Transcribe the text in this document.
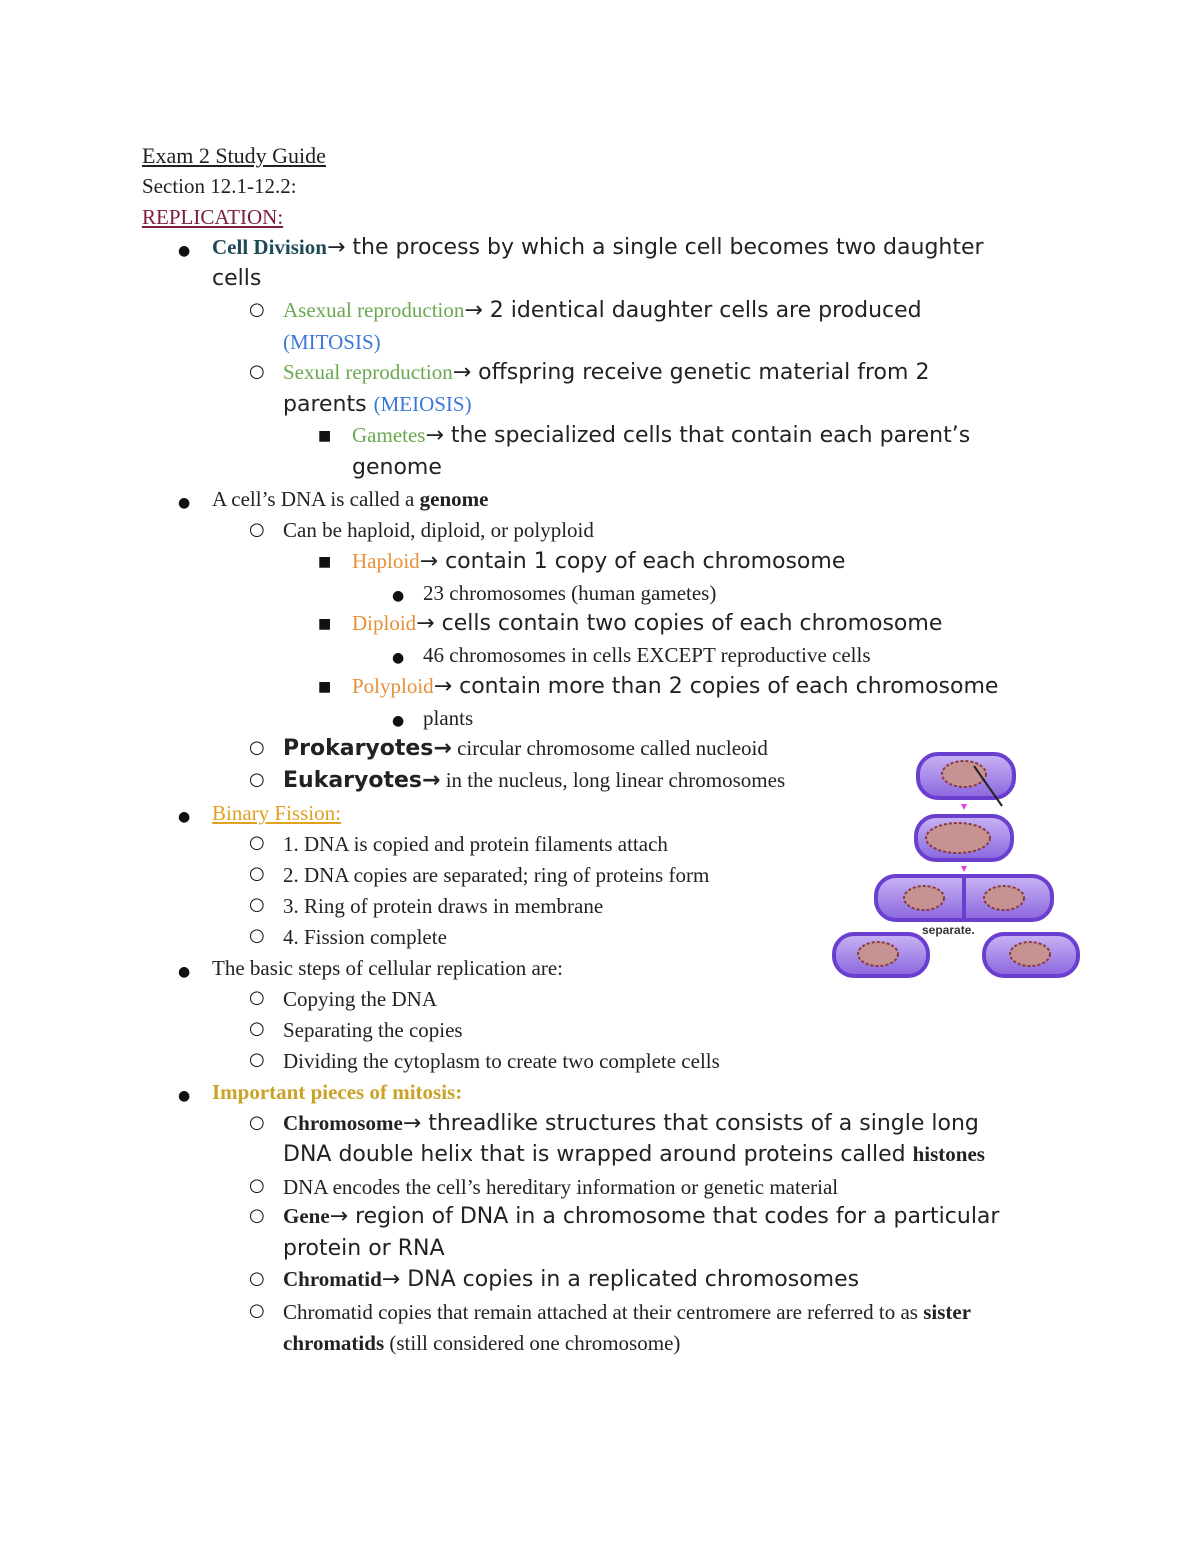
Exam 2 Study Guide
Section 12.1-12.2:
REPLICATION:
● Cell Division→ the process by which a single cell becomes two daughter
cells
○ Asexual reproduction→ 2 identical daughter cells are produced
(MITOSIS)
○ Sexual reproduction→ offspring receive genetic material from 2
parents (MEIOSIS)
■ Gametes→ the specialized cells that contain each parent’s
genome
● A cell’s DNA is called a genome
○ Can be haploid, diploid, or polyploid
■ Haploid→ contain 1 copy of each chromosome
● 23 chromosomes (human gametes)
■ Diploid→ cells contain two copies of each chromosome
● 46 chromosomes in cells EXCEPT reproductive cells
■ Polyploid→ contain more than 2 copies of each chromosome
● plants
○ Prokaryotes→ circular chromosome called nucleoid
○ Eukaryotes→ in the nucleus, long linear chromosomes
● Binary Fission:
○ 1. DNA is copied and protein filaments attach
○ 2. DNA copies are separated; ring of proteins form
○ 3. Ring of protein draws in membrane
○ 4. Fission complete
● The basic steps of cellular replication are:
○ Copying the DNA
○ Separating the copies
○ Dividing the cytoplasm to create two complete cells
● Important pieces of mitosis:
○ Chromosome→ threadlike structures that consists of a single long
DNA double helix that is wrapped around proteins called histones
○ DNA encodes the cell’s hereditary information or genetic material
○ Gene→ region of DNA in a chromosome that codes for a particular
protein or RNA
○ Chromatid→ DNA copies in a replicated chromosomes
○ Chromatid copies that remain attached at their centromere are referred to as sister
chromatids (still considered one chromosome)
separate.
